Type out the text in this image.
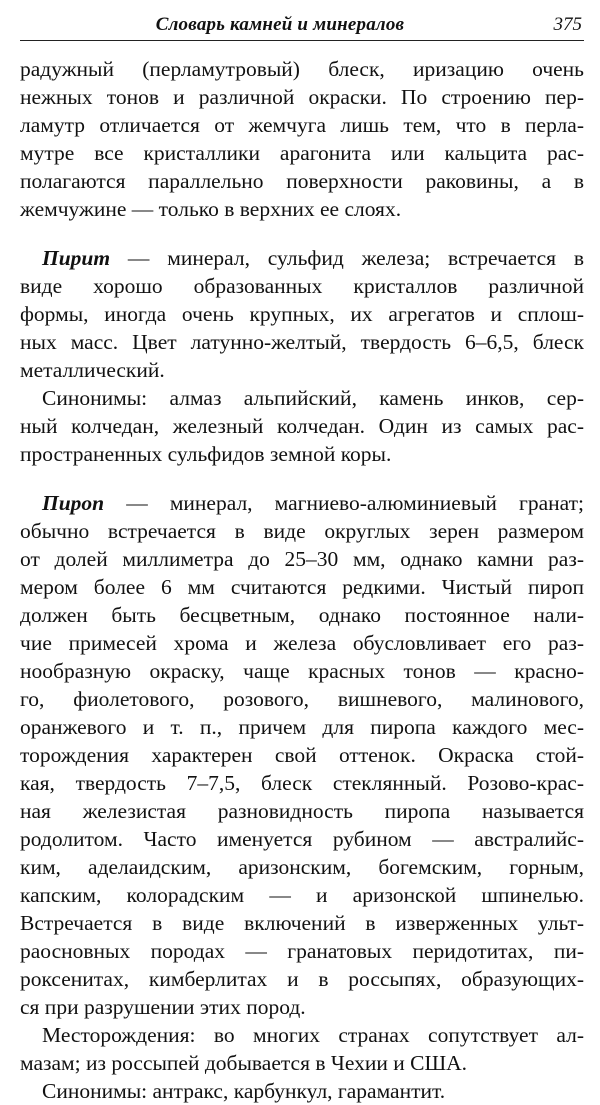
Словарь камней и минералов	375
радужный (перламутровый) блеск, иризацию очень
нежных тонов и различной окраски. По строению пер-
ламутр отличается от жемчуга лишь тем, что в перла-
мутре все кристаллики арагонита или кальцита рас-
полагаются параллельно поверхности раковины, а в
жемчужине — только в верхних ее слоях.
Пирит — минерал, сульфид железа; встречается в
виде хорошо образованных кристаллов различной
формы, иногда очень крупных, их агрегатов и сплош-
ных масс. Цвет латунно-желтый, твердость 6–6,5, блеск
металлический.
Синонимы: алмаз альпийский, камень инков, сер-
ный колчедан, железный колчедан. Один из самых рас-
пространенных сульфидов земной коры.
Пироп — минерал, магниево-алюминиевый гранат;
обычно встречается в виде округлых зерен размером
от долей миллиметра до 25–30 мм, однако камни раз-
мером более 6 мм считаются редкими. Чистый пироп
должен быть бесцветным, однако постоянное нали-
чие примесей хрома и железа обусловливает его раз-
нообразную окраску, чаще красных тонов — красно-
го, фиолетового, розового, вишневого, малинового,
оранжевого и т. п., причем для пиропа каждого мес-
торождения характерен свой оттенок. Окраска стой-
кая, твердость 7–7,5, блеск стеклянный. Розово-крас-
ная железистая разновидность пиропа называется
родолитом. Часто именуется рубином — австралийс-
ким, аделаидским, аризонским, богемским, горным,
капским, колорадским — и аризонской шпинелью.
Встречается в виде включений в изверженных ульт-
раосновных породах — гранатовых перидотитах, пи-
роксенитах, кимберлитах и в россыпях, образующих-
ся при разрушении этих пород.
Месторождения: во многих странах сопутствует ал-
мазам; из россыпей добывается в Чехии и США.
Синонимы: антракс, карбункул, гарамантит.
